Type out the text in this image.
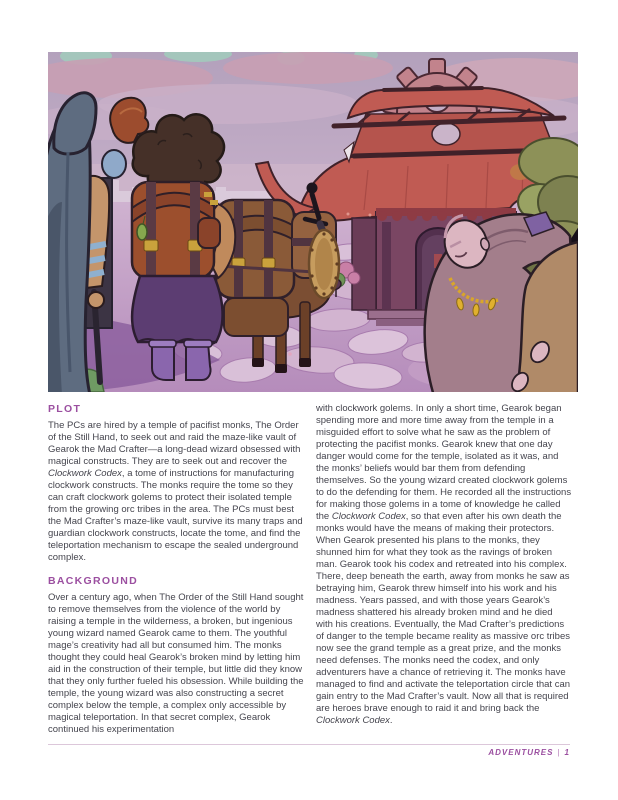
PLOT

The PCs are hired by a temple of pacifist monks, The Order of the Still Hand, to seek out and raid the maze-like vault of Gearok the Mad Crafter—a long-dead wizard obsessed with magical constructs. They are to seek out and recover the Clockwork Codex, a tome of instructions for manufacturing clockwork constructs. The monks require the tome so they can craft clockwork golems to protect their isolated temple from the growing orc tribes in the area. The PCs must best the Mad Crafter’s maze-like vault, survive its many traps and guardian clockwork constructs, locate the tome, and find the teleportation mechanism to escape the sealed underground complex.

BACKGROUND

Over a century ago, when The Order of the Still Hand sought to remove themselves from the violence of the world by raising a temple in the wilderness, a broken, but ingenious young wizard named Gearok came to them. The youthful mage’s creativity had all but consumed him. The monks thought they could heal Gearok’s broken mind by letting him aid in the construction of their temple, but little did they know that they only further fueled his obsession. While building the temple, the young wizard was also constructing a secret complex below the temple, a complex only accessible by magical teleportation. In that secret complex, Gearok continued his experimentation

with clockwork golems. In only a short time, Gearok began spending more and more time away from the temple in a misguided effort to solve what he saw as the problem of protecting the pacifist monks. Gearok knew that one day danger would come for the temple, isolated as it was, and the monks’ beliefs would bar them from defending themselves. So the young wizard created clockwork golems to do the defending for them. He recorded all the instructions for making those golems in a tome of knowledge he called the Clockwork Codex, so that even after his own death the monks would have the means of making their protectors. When Gearok presented his plans to the monks, they shunned him for what they took as the ravings of broken man. Gearok took his codex and retreated into his complex. There, deep beneath the earth, away from monks he saw as betraying him, Gearok threw himself into his work and his madness. Years passed, and with those years Gearok’s madness shattered his already broken mind and he died with his creations. Eventually, the Mad Crafter’s predictions of danger to the temple became reality as massive orc tribes now see the grand temple as a great prize, and the monks need defenses. The monks need the codex, and only adventurers have a chance of retrieving it. The monks have managed to find and activate the teleportation circle that can gain entry to the Mad Crafter’s vault. Now all that is required are heroes brave enough to raid it and bring back the Clockwork Codex.

ADVENTURES | 1
